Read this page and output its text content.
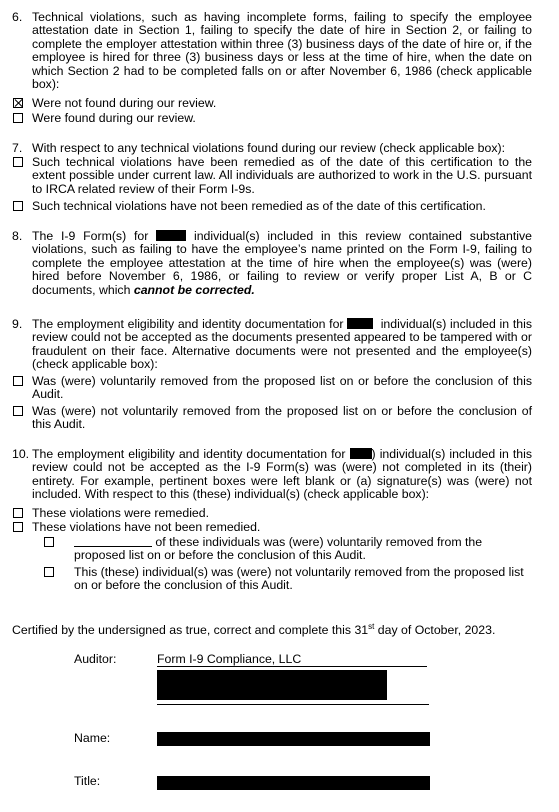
6. Technical violations, such as having incomplete forms, failing to specify the employee attestation date in Section 1, failing to specify the date of hire in Section 2, or failing to complete the employer attestation within three (3) business days of the date of hire or, if the employee is hired for three (3) business days or less at the time of hire, when the date on which Section 2 had to be completed falls on or after November 6, 1986 (check applicable box):
Were not found during our review.
Were found during our review.
7. With respect to any technical violations found during our review (check applicable box):
Such technical violations have been remedied as of the date of this certification to the extent possible under current law. All individuals are authorized to work in the U.S. pursuant to IRCA related review of their Form I-9s.
Such technical violations have not been remedied as of the date of this certification.
8. The I-9 Form(s) for	individual(s) included in this review contained substantive violations, such as failing to have the employee’s name printed on the Form I-9, failing to complete the employee attestation at the time of hire when the employee(s) was (were) hired before November 6, 1986, or failing to review or verify proper List A, B or C documents, which cannot be corrected.
9. The employment eligibility and identity documentation for	individual(s) included in this review could not be accepted as the documents presented appeared to be tampered with or fraudulent on their face. Alternative documents were not presented and the employee(s) (check applicable box):
Was (were) voluntarily removed from the proposed list on or before the conclusion of this Audit.
Was (were) not voluntarily removed from the proposed list on or before the conclusion of this Audit.
10. The employment eligibility and identity documentation for ) individual(s) included in this review could not be accepted as the I-9 Form(s) was (were) not completed in its (their) entirety. For example, pertinent boxes were left blank or (a) signature(s) was (were) not included. With respect to this (these) individual(s) (check applicable box):
These violations were remedied.
These violations have not been remedied.
of these individuals was (were) voluntarily removed from the proposed list on or before the conclusion of this Audit.
This (these) individual(s) was (were) not voluntarily removed from the proposed list on or before the conclusion of this Audit.
Certified by the undersigned as true, correct and complete this 31st day of October, 2023.
Auditor:	Form I-9 Compliance, LLC
Name:
Title:
